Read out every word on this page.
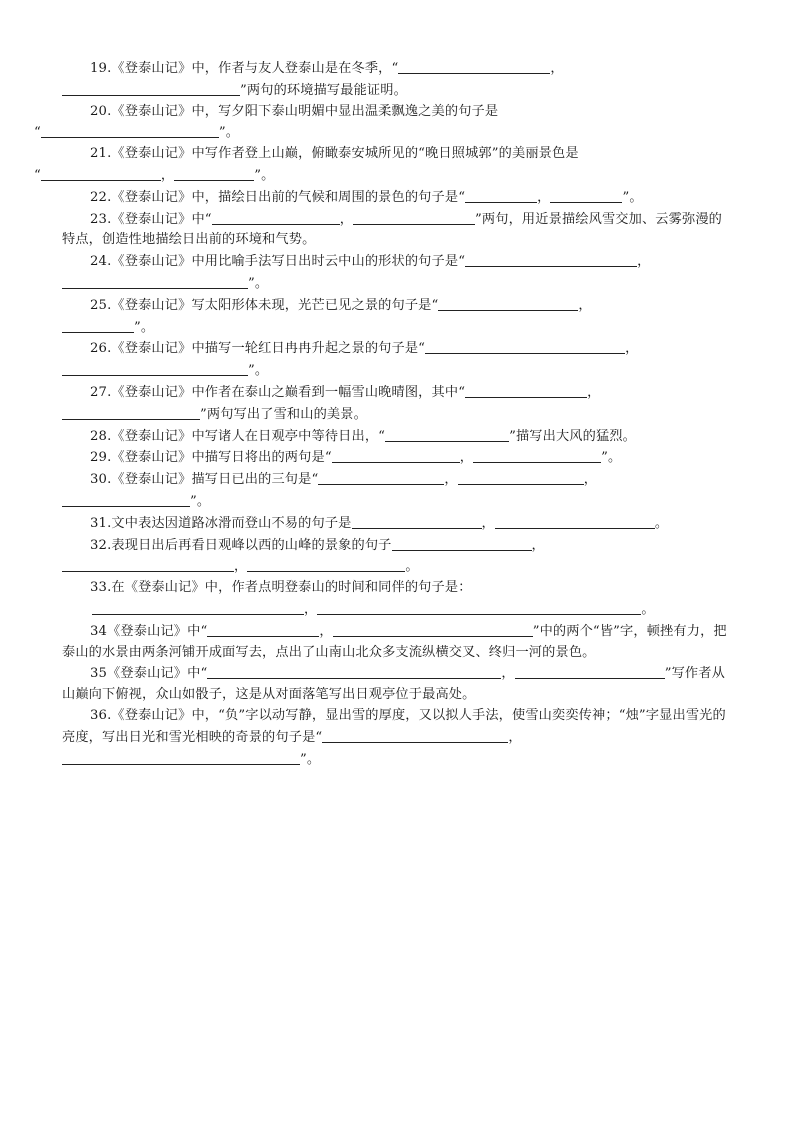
19.《登泰山记》中，作者与友人登泰山是在冬季，“	，
”两句的环境描写最能证明。

20.《登泰山记》中，写夕阳下泰山明媚中显出温柔飘逸之美的句子是
“	”。

21.《登泰山记》中写作者登上山巅，俯瞰泰安城所见的“晚日照城郭”的美丽景色是
“	，	”。

22.《登泰山记》中，描绘日出前的气候和周围的景色的句子是“	，	”。

23.《登泰山记》中“	，	”两句，用近景描绘风雪交加、云雾弥漫的特点，创造性地描绘日出前的环境和气势。

24.《登泰山记》中用比喻手法写日出时云中山的形状的句子是“	，
”。

25.《登泰山记》写太阳形体未现，光芒已见之景的句子是“	，
”。

26.《登泰山记》中描写一轮红日冉冉升起之景的句子是“	，
”。

27.《登泰山记》中作者在泰山之巅看到一幅雪山晚晴图，其中“	，
”两句写出了雪和山的美景。

28.《登泰山记》中写诸人在日观亭中等待日出，“	”描写出大风的猛烈。

29.《登泰山记》中描写日将出的两句是“	，	”。

30.《登泰山记》描写日已出的三句是“	，	，
”。

31.文中表达因道路冰滑而登山不易的句子是	，	。

32.表现日出后再看日观峰以西的山峰的景象的句子	，
，	。

33.在《登泰山记》中，作者点明登泰山的时间和同伴的句子是：
，	。

34《登泰山记》中“	，	”中的两个“皆”字，顿挫有力，把泰山的水景由两条河铺开成面写去，点出了山南山北众多支流纵横交叉、终归一河的景色。

35《登泰山记》中“	，	”写作者从山巅向下俯视，众山如骰子，这是从对面落笔写出日观亭位于最高处。

36.《登泰山记》中，“负”字以动写静，显出雪的厚度，又以拟人手法，使雪山奕奕传神；“烛”字显出雪光的亮度，写出日光和雪光相映的奇景的句子是“	，
”。
